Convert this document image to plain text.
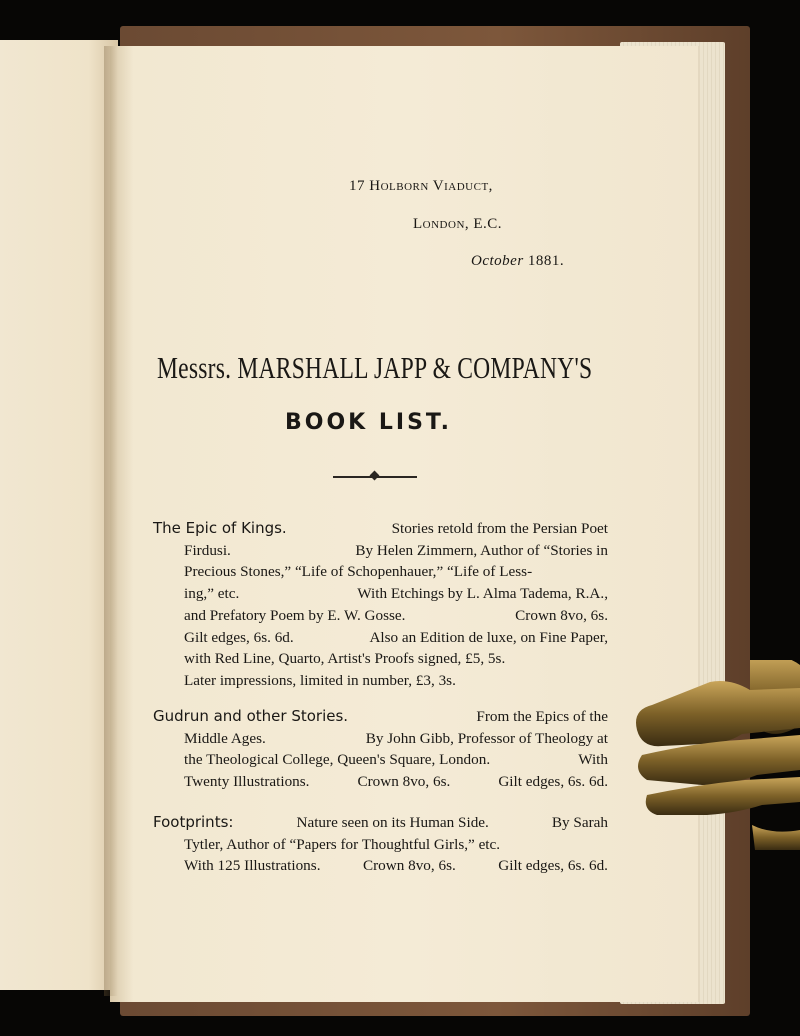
17 Holborn Viaduct,
London, E.C.
October 1881.
Messrs. MARSHALL JAPP & COMPANY'S
BOOK LIST.
The Epic of Kings.	Stories retold from the Persian Poet
Firdusi.	By Helen Zimmern, Author of “Stories in
Precious Stones,” “Life of Schopenhauer,” “Life of Less-
ing,” etc.	With Etchings by L. Alma Tadema, R.A.,
and Prefatory Poem by E. W. Gosse.	Crown 8vo, 6s.
Gilt edges, 6s. 6d.	Also an Edition de luxe, on Fine Paper,
with Red Line, Quarto, Artist's Proofs signed, £5, 5s.
Later impressions, limited in number, £3, 3s.
Gudrun and other Stories.	From the Epics of the
Middle Ages.	By John Gibb, Professor of Theology at
the Theological College, Queen's Square, London.	With
Twenty Illustrations.	Crown 8vo, 6s.	Gilt edges, 6s. 6d.
Footprints:	Nature seen on its Human Side.	By Sarah
Tytler, Author of “Papers for Thoughtful Girls,” etc.
With 125 Illustrations.	Crown 8vo, 6s.	Gilt edges, 6s. 6d.
